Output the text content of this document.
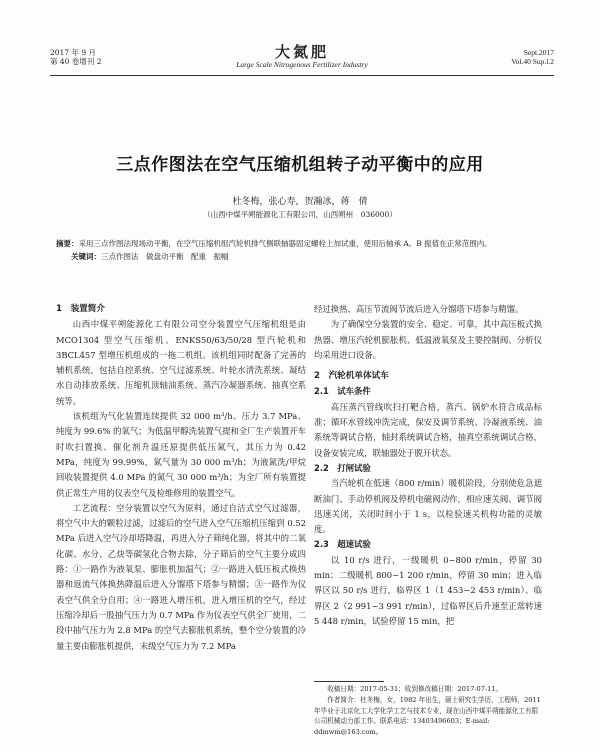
2017 年 9 月
第 40 卷增刊 2
大氮肥
Large Scale Nitrogenous Fertilizer Industry
Sept.2017
Vol.40 Sup.l.2
三点作图法在空气压缩机组转子动平衡中的应用
杜冬梅，张心寿，贺瀚冰，蒋　倩
（山西中煤平朔能源化工有限公司，山西朔州　036000）
摘要：采用三点作图法现场动平衡，在空气压缩机组汽轮机排气侧联轴器固定螺栓上加试重，使用后轴承 A、B 振值在正常范围内。
关键词：三点作图法　做盘动平衡　配重　振幅

1　装置简介

山西中煤平朔能源化工有限公司空分装置空气压缩机组是由 MCO1304 型空气压缩机、ENKS50/63/50/28 型汽轮机和 3BCL457 型增压机组成的一拖二机组。该机组同时配备了完善的辅机系统，包括自控系统、空气过滤系统、叶轮水清洗系统、凝结水自动排放系统、压缩机顶轴油系统、蒸汽冷凝器系统、抽真空系统等。

该机组为气化装置连续提供 32 000 m³/h、压力 3.7 MPa、纯度为 99.6% 的氧气；为低温甲醇洗装置气提和全厂生产装置开车时吹扫置换、催化剂升温还原提供低压氮气，其压力为 0.42 MPa，纯度为 99.99%，氮气量为 30 000 m³/h；为液氮洗/甲烷回收装置提供 4.0 MPa 的氮气 30 000 m³/h；为全厂所有装置提供正常生产用的仪表空气及检维修用的装置空气。

工艺流程：空分装置以空气为原料，通过自洁式空气过滤器，将空气中大的颗粒过滤，过滤后的空气进入空气压缩机压缩到 0.52 MPa 后进入空气冷却塔降温，再进入分子筛纯化器，将其中的二氧化碳、水分、乙炔等碳氢化合物去除，分子筛后的空气主要分成四路：①一路作为液氧泵、膨胀机加温气；②一路进入低压板式换热器和返流气体换热降温后进入分馏塔下塔参与精馏；③一路作为仪表空气供全分自用；④一路进入增压机，进入增压机的空气，经过压缩冷却后一股抽气压力为 0.7 MPa 作为仪表空气供全厂使用，二段中抽气压力为 2.8 MPa 的空气去膨胀机系统，整个空分装置的冷量主要由膨胀机提供，末级空气压力为 7.2 MPa

经过换热、高压节流阀节流后进入分馏塔下塔参与精馏。

为了确保空分装置的安全、稳定、可靠，其中高压板式换热器、增压汽轮机膨胀机、低温液氧泵及主要控制阀、分析仪均采用进口设备。

2　汽轮机单体试车

2.1　试车条件

高压蒸汽管线吹扫打靶合格，蒸汽、锅炉水符合成品标准；循环水管线冲洗完成，保安及调节系统、冷凝液系统、油系统等调试合格，轴封系统调试合格，抽真空系统调试合格，设备安装完成，联轴器处于脱开状态。

2.2　打闸试验

当汽轮机在低速（800 r/min）暖机阶段，分别使危急遮断油门、手动停机阀及停机电磁阀动作，相应速关阀、调节阀迅速关闭，关闭时间小于 1 s，以检验速关机构功能的灵敏度。

2.3　超速试验

以 10 r/s 进行，一级暖机 0~800 r/min，停留 30 min；二级暖机 800~1 200 r/min，停留 30 min；进入临界区以 50 r/s 进行，临界区 1（1 453~2 453 r/min）、临界区 2（2 991~3 991 r/min），过临界区后升速至正常转速 5 448 r/min，试验停留 15 min，把

收稿日期：2017-05-31；收到修改稿日期：2017-07-11。

作者简介：杜冬梅，女，1982 年出生，硕士研究生学历，工程师，2011 年毕业于北京化工大学化学工艺与技术专业，现在山西中煤平朔能源化工有限公司机械动力部工作。联系电话：13403496603；E-mail: ddmwm@163.com。
